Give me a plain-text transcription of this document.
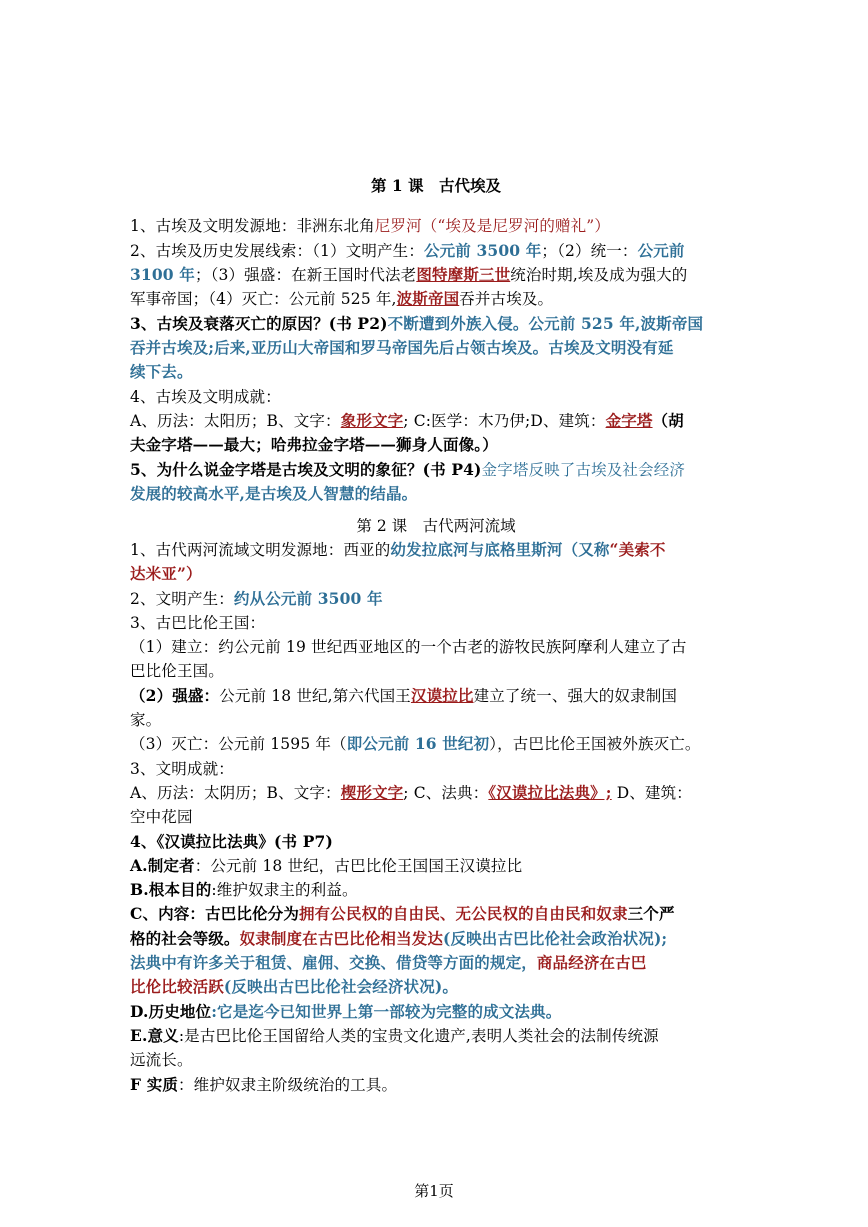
第 1 课　古代埃及
1、古埃及文明发源地：非洲东北角尼罗河（“埃及是尼罗河的赠礼”）
2、古埃及历史发展线索：（1）文明产生：公元前 3500 年；（2）统一：公元前
3100 年；（3）强盛：在新王国时代法老图特摩斯三世统治时期,埃及成为强大的
军事帝国；（4）灭亡：公元前 525 年,波斯帝国吞并古埃及。
3、古埃及衰落灭亡的原因？(书 P2)不断遭到外族入侵。公元前 525 年,波斯帝国
吞并古埃及;后来,亚历山大帝国和罗马帝国先后占领古埃及。古埃及文明没有延
续下去。
4、古埃及文明成就：
A、历法：太阳历；B、文字：象形文字; C:医学：木乃伊;D、建筑：金字塔（胡
夫金字塔——最大；哈弗拉金字塔——狮身人面像。）
5、为什么说金字塔是古埃及文明的象征？(书 P4)金字塔反映了古埃及社会经济
发展的较高水平,是古埃及人智慧的结晶。
第 2 课　古代两河流域
1、古代两河流域文明发源地：西亚的幼发拉底河与底格里斯河（又称“美索不
达米亚”）
2、文明产生：约从公元前 3500 年
3、古巴比伦王国：
（1）建立：约公元前 19 世纪西亚地区的一个古老的游牧民族阿摩利人建立了古
巴比伦王国。
（2）强盛：公元前 18 世纪,第六代国王汉谟拉比建立了统一、强大的奴隶制国
家。
（3）灭亡：公元前 1595 年（即公元前 16 世纪初），古巴比伦王国被外族灭亡。
3、文明成就：
A、历法：太阴历；B、文字：楔形文字; C、法典：《汉谟拉比法典》; D、建筑：
空中花园
4、《汉谟拉比法典》(书 P7)
A.制定者：公元前 18 世纪，古巴比伦王国国王汉谟拉比
B.根本目的:维护奴隶主的利益。
C、内容：古巴比伦分为拥有公民权的自由民、无公民权的自由民和奴隶三个严
格的社会等级。奴隶制度在古巴比伦相当发达(反映出古巴比伦社会政治状况);
法典中有许多关于租赁、雇佣、交换、借贷等方面的规定，商品经济在古巴
比伦比较活跃(反映出古巴比伦社会经济状况)。
D.历史地位:它是迄今已知世界上第一部较为完整的成文法典。
E.意义:是古巴比伦王国留给人类的宝贵文化遗产,表明人类社会的法制传统源
远流长。
F 实质：维护奴隶主阶级统治的工具。
第1页
